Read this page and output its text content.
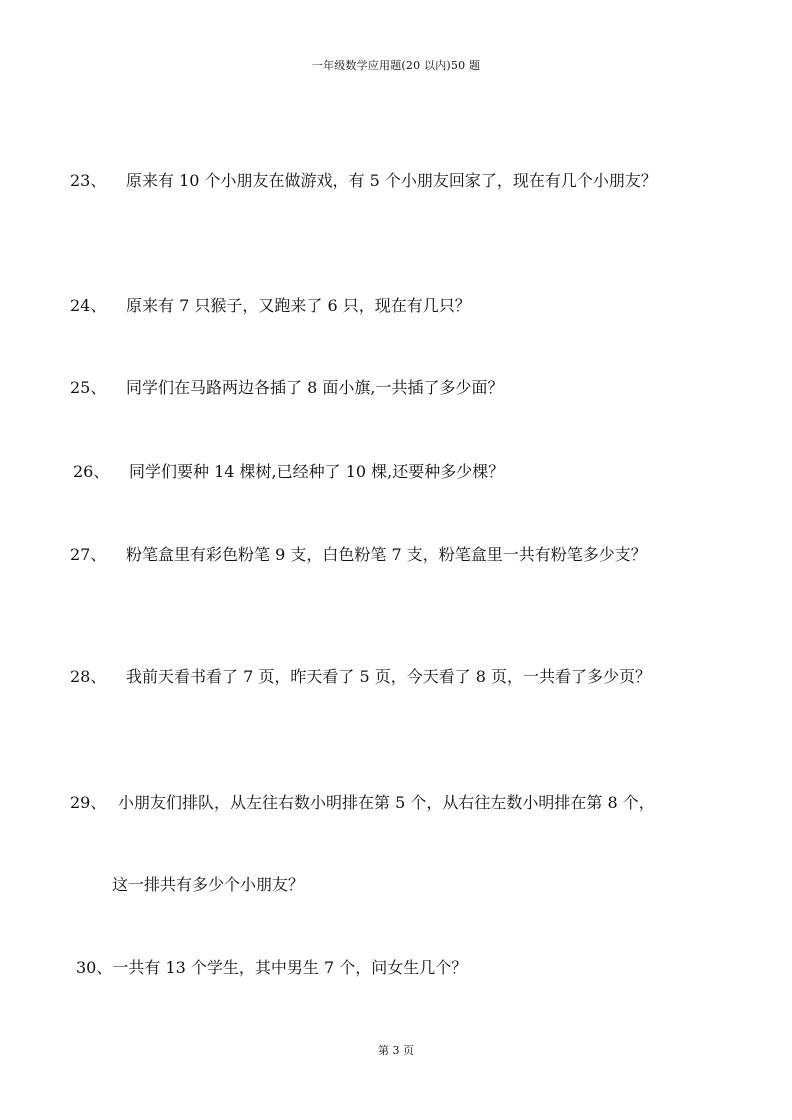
一年级数学应用题(20 以内)50 题
23、 原来有 10 个小朋友在做游戏，有 5 个小朋友回家了，现在有几个小朋友？
24、 原来有 7 只猴子，又跑来了 6 只，现在有几只？
25、 同学们在马路两边各插了 8 面小旗,一共插了多少面？
26、 同学们要种 14 棵树,已经种了 10 棵,还要种多少棵？
27、 粉笔盒里有彩色粉笔 9 支，白色粉笔 7 支，粉笔盒里一共有粉笔多少支？
28、 我前天看书看了 7 页，昨天看了 5 页，今天看了 8 页，一共看了多少页？
29、 小朋友们排队，从左往右数小明排在第 5 个，从右往左数小明排在第 8 个，
这一排共有多少个小朋友？
30、一共有 13 个学生，其中男生 7 个，问女生几个？
第 3 页
